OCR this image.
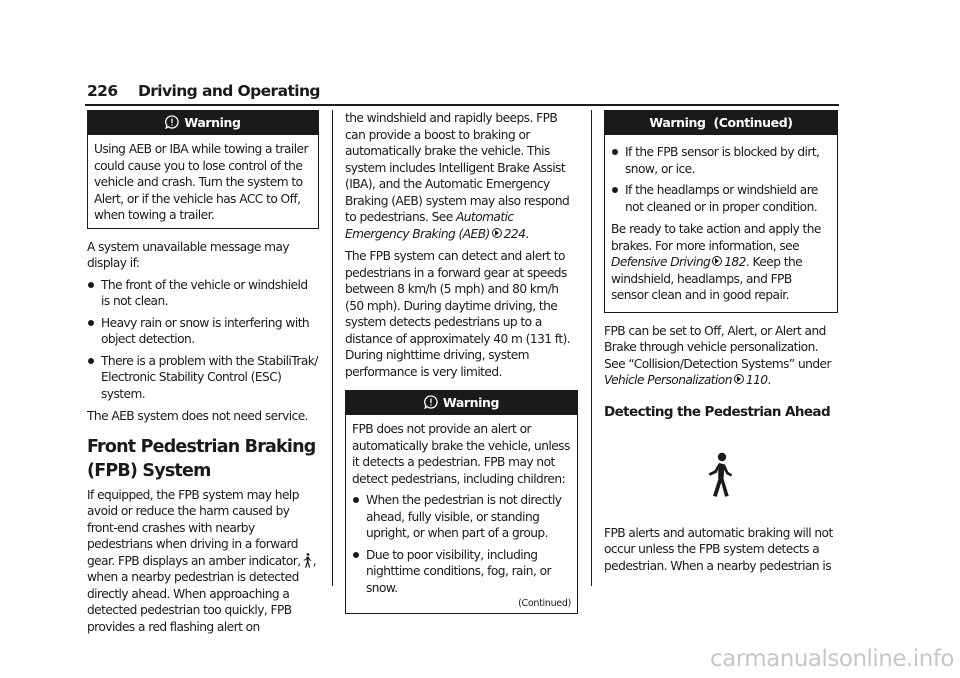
226 Driving and Operating
Warning

Using AEB or IBA while towing a trailer could cause you to lose control of the vehicle and crash. Turn the system to Alert, or if the vehicle has ACC to Off, when towing a trailer.

A system unavailable message may display if:

The front of the vehicle or windshield is not clean.
Heavy rain or snow is interfering with object detection.
There is a problem with the StabiliTrak/ Electronic Stability Control (ESC) system.

The AEB system does not need service.

Front Pedestrian Braking (FPB) System

If equipped, the FPB system may help avoid or reduce the harm caused by front-end crashes with nearby pedestrians when driving in a forward gear. FPB displays an amber indicator, , when a nearby pedestrian is detected directly ahead. When approaching a detected pedestrian too quickly, FPB provides a red flashing alert on

the windshield and rapidly beeps. FPB can provide a boost to braking or automatically brake the vehicle. This system includes Intelligent Brake Assist (IBA), and the Automatic Emergency Braking (AEB) system may also respond to pedestrians. See Automatic Emergency Braking (AEB) 224.

The FPB system can detect and alert to pedestrians in a forward gear at speeds between 8 km/h (5 mph) and 80 km/h (50 mph). During daytime driving, the system detects pedestrians up to a distance of approximately 40 m (131 ft). During nighttime driving, system performance is very limited.

Warning

FPB does not provide an alert or automatically brake the vehicle, unless it detects a pedestrian. FPB may not detect pedestrians, including children:

When the pedestrian is not directly ahead, fully visible, or standing upright, or when part of a group.
Due to poor visibility, including nighttime conditions, fog, rain, or snow.
(Continued)
Warning  (Continued)
If the FPB sensor is blocked by dirt, snow, or ice.
If the headlamps or windshield are not cleaned or in proper condition.

Be ready to take action and apply the brakes. For more information, see Defensive Driving 182. Keep the windshield, headlamps, and FPB sensor clean and in good repair.

FPB can be set to Off, Alert, or Alert and Brake through vehicle personalization. See “Collision/Detection Systems” under Vehicle Personalization 110.

Detecting the Pedestrian Ahead

FPB alerts and automatic braking will not occur unless the FPB system detects a pedestrian. When a nearby pedestrian is

carmanualsonline.info
